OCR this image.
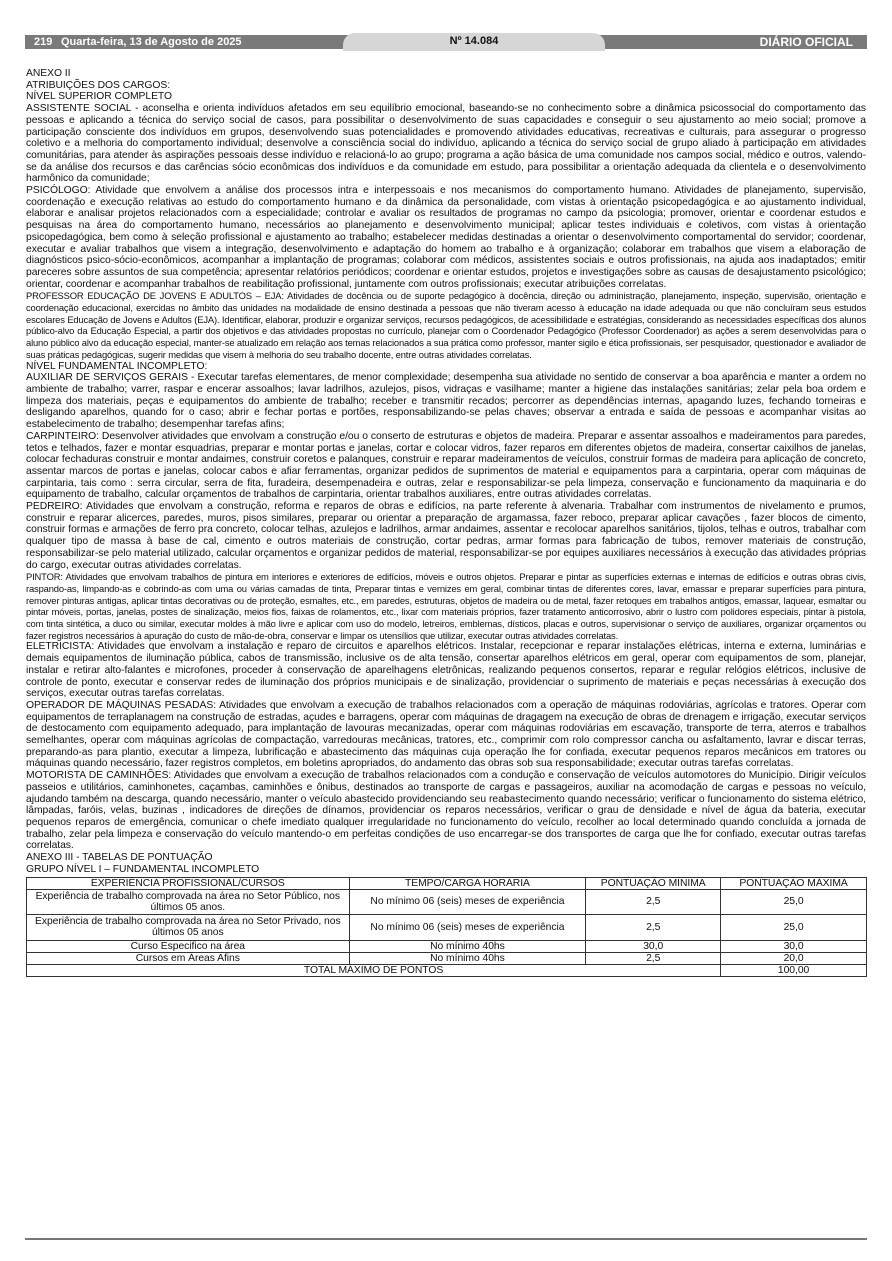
219 Quarta-feira, 13 de Agosto de 2025	Nº 14.084	DIÁRIO OFICIAL

ANEXO II

ATRIBUIÇÕES DOS CARGOS:

NÍVEL SUPERIOR COMPLETO

ASSISTENTE SOCIAL - aconselha e orienta indivíduos afetados em seu equilíbrio emocional, baseando-se no conhecimento sobre a dinâmica psicossocial do comportamento das pessoas e aplicando a técnica do serviço social de casos, para possibilitar o desenvolvimento de suas capacidades e conseguir o seu ajustamento ao meio social; promove a participação consciente dos indivíduos em grupos, desenvolvendo suas potencialidades e promovendo atividades educativas, recreativas e culturais, para assegurar o progresso coletivo e a melhoria do comportamento individual; desenvolve a consciência social do indivíduo, aplicando a técnica do serviço social de grupo aliado à participação em atividades comunitárias, para atender às aspirações pessoais desse indivíduo e relacioná-lo ao grupo; programa a ação básica de uma comunidade nos campos social, médico e outros, valendo-se da análise dos recursos e das carências sócio econômicas dos indivíduos e da comunidade em estudo, para possibilitar a orientação adequada da clientela e o desenvolvimento harmônico da comunidade;

PSICÓLOGO: Atividade que envolvem a análise dos processos intra e interpessoais e nos mecanismos do comportamento humano. Atividades de planejamento, supervisão, coordenação e execução relativas ao estudo do comportamento humano e da dinâmica da personalidade, com vistas à orientação psicopedagógica e ao ajustamento individual, elaborar e analisar projetos relacionados com a especialidade; controlar e avaliar os resultados de programas no campo da psicologia; promover, orientar e coordenar estudos e pesquisas na área do comportamento humano, necessários ao planejamento e desenvolvimento municipal; aplicar testes individuais e coletivos, com vistas à orientação psicopedagógica, bem como à seleção profissional e ajustamento ao trabalho; estabelecer medidas destinadas a orientar o desenvolvimento comportamental do servidor; coordenar, executar e avaliar trabalhos que visem a integração, desenvolvimento e adaptação do homem ao trabalho e à organização; colaborar em trabalhos que visem a elaboração de diagnósticos psico-sócio-econômicos, acompanhar a implantação de programas; colaborar com médicos, assistentes sociais e outros profissionais, na ajuda aos inadaptados; emitir pareceres sobre assuntos de sua competência; apresentar relatórios periódicos; coordenar e orientar estudos, projetos e investigações sobre as causas de desajustamento psicológico; orientar, coordenar e acompanhar trabalhos de reabilitação profissional, juntamente com outros profissionais; executar atribuições correlatas.

PROFESSOR EDUCAÇÃO DE JOVENS E ADULTOS – EJA: Atividades de docência ou de suporte pedagógico à docência, direção ou administração, planejamento, inspeção, supervisão, orientação e coordenação educacional, exercidas no âmbito das unidades na modalidade de ensino destinada a pessoas que não tiveram acesso à educação na idade adequada ou que não concluíram seus estudos escolares Educação de Jovens e Adultos (EJA). Identificar, elaborar, produzir e organizar serviços, recursos pedagógicos, de acessibilidade e estratégias, considerando as necessidades específicas dos alunos público-alvo da Educação Especial, a partir dos objetivos e das atividades propostas no currículo, planejar com o Coordenador Pedagógico (Professor Coordenador) as ações a serem desenvolvidas para o aluno público alvo da educação especial, manter-se atualizado em relação aos temas relacionados a sua prática como professor, manter sigilo e ética profissionais, ser pesquisador, questionador e avaliador de suas práticas pedagógicas, sugerir medidas que visem à melhoria do seu trabalho docente, entre outras atividades correlatas.

NÍVEL FUNDAMENTAL INCOMPLETO:

AUXILIAR DE SERVIÇOS GERAIS - Executar tarefas elementares, de menor complexidade; desempenha sua atividade no sentido de conservar a boa aparência e manter a ordem no ambiente de trabalho; varrer, raspar e encerar assoalhos; lavar ladrilhos, azulejos, pisos, vidraças e vasilhame; manter a higiene das instalações sanitárias; zelar pela boa ordem e limpeza dos materiais, peças e equipamentos do ambiente de trabalho; receber e transmitir recados; percorrer as dependências internas, apagando luzes, fechando torneiras e desligando aparelhos, quando for o caso; abrir e fechar portas e portões, responsabilizando-se pelas chaves; observar a entrada e saída de pessoas e acompanhar visitas ao estabelecimento de trabalho; desempenhar tarefas afins;

CARPINTEIRO: Desenvolver atividades que envolvam a construção e/ou o conserto de estruturas e objetos de madeira. Preparar e assentar assoalhos e madeiramentos para paredes, tetos e telhados, fazer e montar esquadrias, preparar e montar portas e janelas, cortar e colocar vidros, fazer reparos em diferentes objetos de madeira, consertar caixilhos de janelas, colocar fechaduras construir e montar andaimes, construir coretos e palanques, construir e reparar madeiramentos de veículos, construir formas de madeira para aplicação de concreto, assentar marcos de portas e janelas, colocar cabos e afiar ferramentas, organizar pedidos de suprimentos de material e equipamentos para a carpintaria, operar com máquinas de carpintaria, tais como : serra circular, serra de fita, furadeira, desempenadeira e outras, zelar e responsabilizar-se pela limpeza, conservação e funcionamento da maquinaria e do equipamento de trabalho, calcular orçamentos de trabalhos de carpintaria, orientar trabalhos auxiliares, entre outras atividades correlatas.

PEDREIRO: Atividades que envolvam a construção, reforma e reparos de obras e edifícios, na parte referente à alvenaria. Trabalhar com instrumentos de nivelamento e prumos, construir e reparar alicerces, paredes, muros, pisos similares, preparar ou orientar a preparação de argamassa, fazer reboco, preparar aplicar cavações , fazer blocos de cimento, construir formas e armações de ferro pra concreto, colocar telhas, azulejos e ladrilhos, armar andaimes, assentar e recolocar aparelhos sanitários, tijolos, telhas e outros, trabalhar com qualquer tipo de massa à base de cal, cimento e outros materiais de construção, cortar pedras, armar formas para fabricação de tubos, remover materiais de construção, responsabilizar-se pelo material utilizado, calcular orçamentos e organizar pedidos de material, responsabilizar-se por equipes auxiliares necessários à execução das atividades próprias do cargo, executar outras atividades correlatas.

PINTOR: Atividades que envolvam trabalhos de pintura em interiores e exteriores de edifícios, móveis e outros objetos. Preparar e pintar as superfícies externas e internas de edifícios e outras obras civis, raspando-as, limpando-as e cobrindo-as com uma ou várias camadas de tinta, Preparar tintas e vernizes em geral, combinar tintas de diferentes cores, lavar, emassar e preparar superfícies para pintura, remover pinturas antigas, aplicar tintas decorativas ou de proteção, esmaltes, etc., em paredes, estruturas, objetos de madeira ou de metal, fazer retoques em trabalhos antigos, emassar, laquear, esmaltar ou pintar móveis, portas, janelas, postes de sinalização, meios fios, faixas de rolamentos, etc., lixar com materiais próprios, fazer tratamento anticorrosivo, abrir o lustro com polidores especiais, pintar à pistola, com tinta sintética, a duco ou similar, executar moldes à mão livre e aplicar com uso do modelo, letreiros, emblemas, dísticos, placas e outros, supervisionar o serviço de auxiliares, organizar orçamentos ou fazer registros necessários à apuração do custo de mão-de-obra, conservar e limpar os utensílios que utilizar, executar outras atividades correlatas.

ELETRICISTA: Atividades que envolvam a instalação e reparo de circuitos e aparelhos elétricos. Instalar, recepcionar e reparar instalações elétricas, interna e externa, luminárias e demais equipamentos de iluminação pública, cabos de transmissão, inclusive os de alta tensão, consertar aparelhos elétricos em geral, operar com equipamentos de som, planejar, instalar e retirar alto-falantes e microfones, proceder à conservação de aparelhagens eletrônicas, realizando pequenos consertos, reparar e regular relógios elétricos, inclusive de controle de ponto, executar e conservar redes de iluminação dos próprios municipais e de sinalização, providenciar o suprimento de materiais e peças necessárias à execução dos serviços, executar outras tarefas correlatas.

OPERADOR DE MÁQUINAS PESADAS: Atividades que envolvam a execução de trabalhos relacionados com a operação de máquinas rodoviárias, agrícolas e tratores. Operar com equipamentos de terraplanagem na construção de estradas, açudes e barragens, operar com máquinas de dragagem na execução de obras de drenagem e irrigação, executar serviços de destocamento com equipamento adequado, para implantação de lavouras mecanizadas, operar com máquinas rodoviárias em escavação, transporte de terra, aterros e trabalhos semelhantes, operar com máquinas agrícolas de compactação, varredouras mecânicas, tratores, etc., comprimir com rolo compressor cancha ou asfaltamento, lavrar e discar terras, preparando-as para plantio, executar a limpeza, lubrificação e abastecimento das máquinas cuja operação lhe for confiada, executar pequenos reparos mecânicos em tratores ou máquinas quando necessário, fazer registros completos, em boletins apropriados, do andamento das obras sob sua responsabilidade; executar outras tarefas correlatas.

MOTORISTA DE CAMINHÕES: Atividades que envolvam a execução de trabalhos relacionados com a condução e conservação de veículos automotores do Município. Dirigir veículos passeios e utilitários, caminhonetes, caçambas, caminhões e ônibus, destinados ao transporte de cargas e passageiros, auxiliar na acomodação de cargas e pessoas no veículo, ajudando também na descarga, quando necessário, manter o veículo abastecido providenciando seu reabastecimento quando necessário; verificar o funcionamento do sistema elétrico, lâmpadas, faróis, velas, buzinas , indicadores de direções de dínamos, providenciar os reparos necessários, verificar o grau de densidade e nível de água da bateria, executar pequenos reparos de emergência, comunicar o chefe imediato qualquer irregularidade no funcionamento do veículo, recolher ao local determinado quando concluída a jornada de trabalho, zelar pela limpeza e conservação do veículo mantendo-o em perfeitas condições de uso encarregar-se dos transportes de carga que lhe for confiado, executar outras tarefas correlatas.

ANEXO III - TABELAS DE PONTUAÇÃO

GRUPO NÍVEL I – FUNDAMENTAL INCOMPLETO

EXPERIÊNCIA PROFISSIONAL/CURSOS	TEMPO/CARGA HORÁRIA	PONTUAÇÃO MÍNIMA	PONTUAÇÃO MÁXIMA
Experiência de trabalho comprovada na área no Setor Público, nos últimos 05 anos.	No mínimo 06 (seis) meses de experiência	2,5	25,0
Experiência de trabalho comprovada na área no Setor Privado, nos últimos 05 anos	No mínimo 06 (seis) meses de experiência	2,5	25,0
Curso Especifico na área	No mínimo 40hs	30,0	30,0
Cursos em Áreas Afins	No mínimo 40hs	2,5	20,0
TOTAL MÁXIMO DE PONTOS			100,00
